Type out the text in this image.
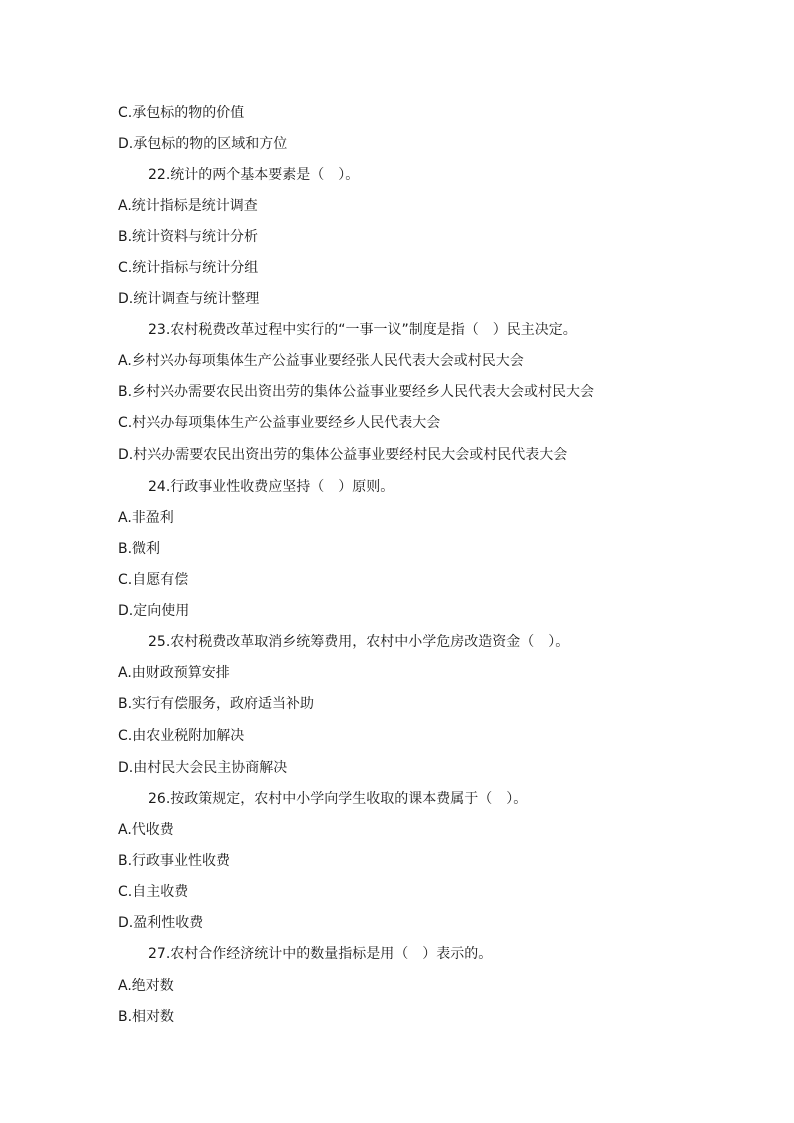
C.承包标的物的价值
D.承包标的物的区域和方位
22.统计的两个基本要素是（　）。
A.统计指标是统计调查
B.统计资料与统计分析
C.统计指标与统计分组
D.统计调查与统计整理
23.农村税费改革过程中实行的“一事一议”制度是指（　）民主决定。
A.乡村兴办每项集体生产公益事业要经张人民代表大会或村民大会
B.乡村兴办需要农民出资出劳的集体公益事业要经乡人民代表大会或村民大会
C.村兴办每项集体生产公益事业要经乡人民代表大会
D.村兴办需要农民出资出劳的集体公益事业要经村民大会或村民代表大会
24.行政事业性收费应坚持（　）原则。
A.非盈利
B.微利
C.自愿有偿
D.定向使用
25.农村税费改革取消乡统筹费用，农村中小学危房改造资金（　）。
A.由财政预算安排
B.实行有偿服务，政府适当补助
C.由农业税附加解决
D.由村民大会民主协商解决
26.按政策规定，农村中小学向学生收取的课本费属于（　）。
A.代收费
B.行政事业性收费
C.自主收费
D.盈利性收费
27.农村合作经济统计中的数量指标是用（　）表示的。
A.绝对数
B.相对数
